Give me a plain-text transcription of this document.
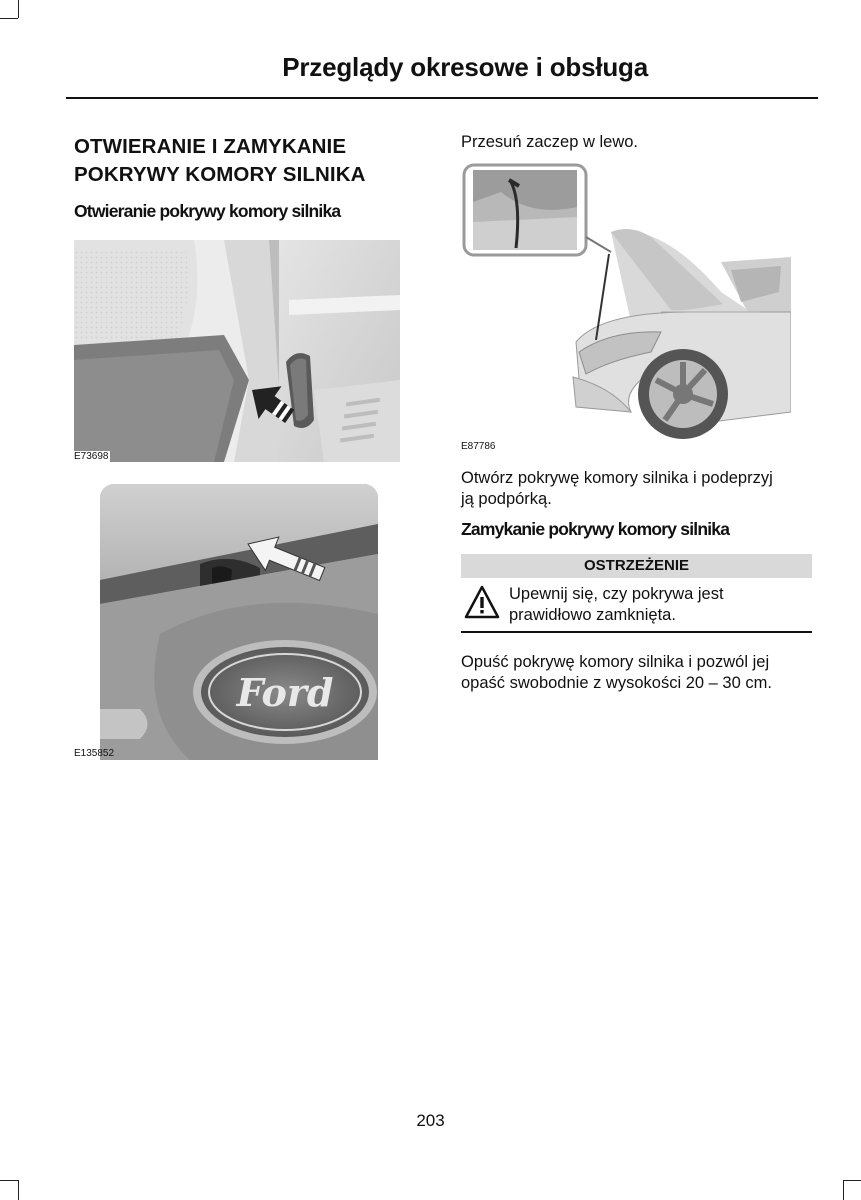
Przeglądy okresowe i obsługa
OTWIERANIE I ZAMYKANIE
POKRYWY KOMORY SILNIKA
Otwieranie pokrywy komory silnika
E73698
Ford
E135852
Przesuń zaczep w lewo.
E87786
Otwórz pokrywę komory silnika i podeprzyj
ją podpórką.
Zamykanie pokrywy komory silnika
OSTRZEŻENIE
Upewnij się, czy pokrywa jest
prawidłowo zamknięta.
Opuść pokrywę komory silnika i pozwól jej
opaść swobodnie z wysokości 20 – 30 cm.
203
